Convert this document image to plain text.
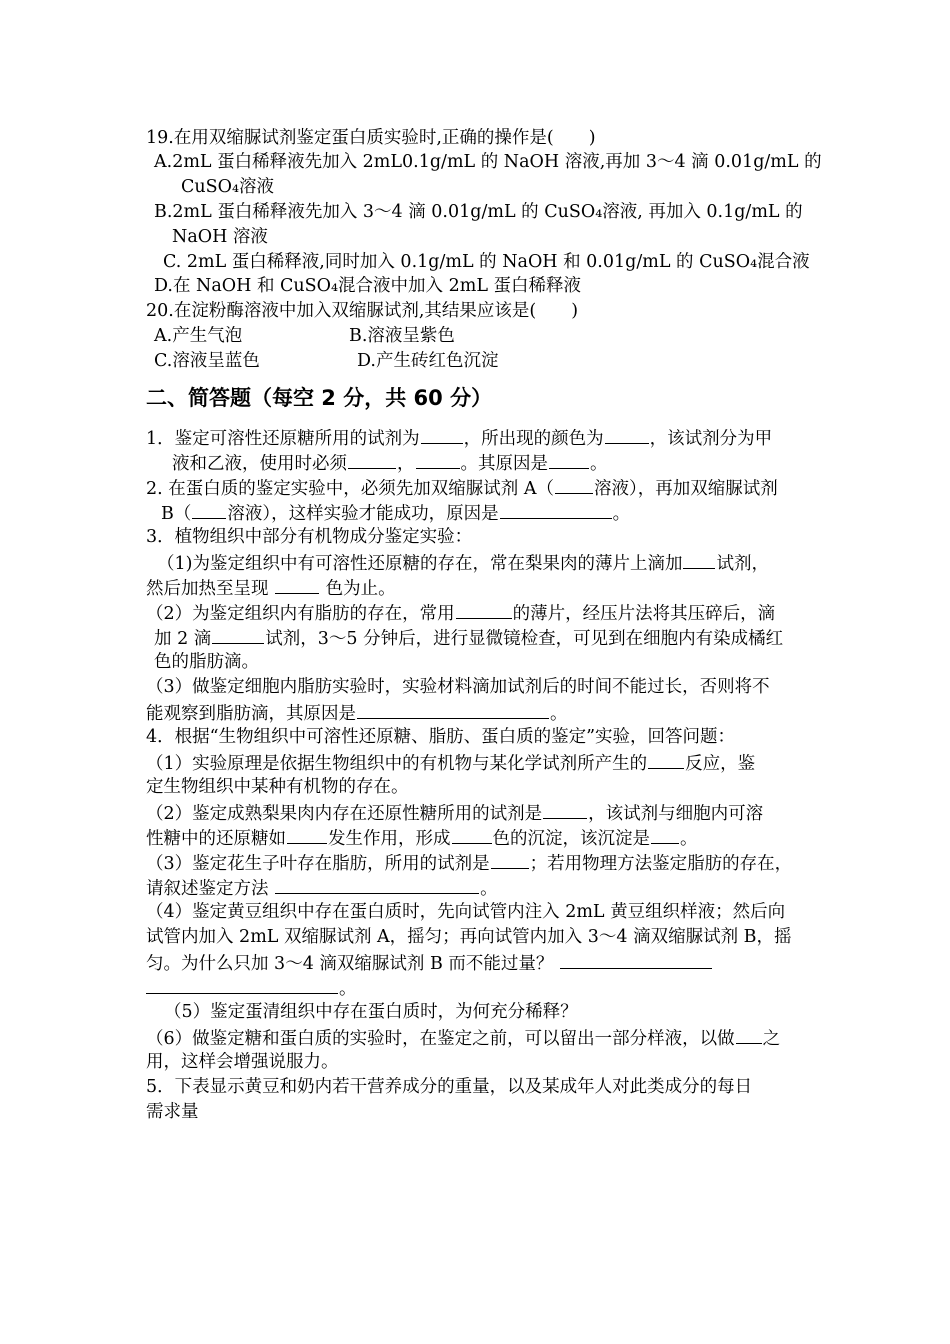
19.在用双缩脲试剂鉴定蛋白质实验时,正确的操作是(　　)
A.2mL 蛋白稀释液先加入 2mL0.1g/mL 的 NaOH 溶液,再加 3～4 滴 0.01g/mL 的
CuSO₄溶液
B.2mL 蛋白稀释液先加入 3～4 滴 0.01g/mL 的 CuSO₄溶液, 再加入 0.1g/mL 的
NaOH 溶液
C. 2mL 蛋白稀释液,同时加入 0.1g/mL 的 NaOH 和 0.01g/mL 的 CuSO₄混合液
D.在 NaOH 和 CuSO₄混合液中加入 2mL 蛋白稀释液
20.在淀粉酶溶液中加入双缩脲试剂,其结果应该是(　　)
A.产生气泡	B.溶液呈紫色
C.溶液呈蓝色	D.产生砖红色沉淀
二、简答题（每空 2 分，共 60 分）
1．鉴定可溶性还原糖所用的试剂为	，所出现的颜色为	，该试剂分为甲
液和乙液，使用时必须	，	。其原因是 。
2. 在蛋白质的鉴定实验中，必须先加双缩脲试剂 A（ 溶液），再加双缩脲试剂
B（ 溶液），这样实验才能成功，原因是	。
3．植物组织中部分有机物成分鉴定实验：
（1)为鉴定组织中有可溶性还原糖的存在，常在梨果肉的薄片上滴加 试剂，
然后加热至呈现	色为止。
（2）为鉴定组织内有脂肪的存在，常用	的薄片，经压片法将其压碎后，滴
加 2 滴	试剂，3～5 分钟后，进行显微镜检查，可见到在细胞内有染成橘红
色的脂肪滴。
（3）做鉴定细胞内脂肪实验时，实验材料滴加试剂后的时间不能过长，否则将不
能观察到脂肪滴，其原因是	。
4．根据“生物组织中可溶性还原糖、脂肪、蛋白质的鉴定”实验，回答问题：
（1）实验原理是依据生物组织中的有机物与某化学试剂所产生的 反应，鉴
定生物组织中某种有机物的存在。
（2）鉴定成熟梨果肉内存在还原性糖所用的试剂是	，该试剂与细胞内可溶
性糖中的还原糖如 发生作用，形成 色的沉淀，该沉淀是 。
（3）鉴定花生子叶存在脂肪，所用的试剂是 ；若用物理方法鉴定脂肪的存在，
请叙述鉴定方法	。
（4）鉴定黄豆组织中存在蛋白质时，先向试管内注入 2mL 黄豆组织样液；然后向
试管内加入 2mL 双缩脲试剂 A，摇匀；再向试管内加入 3～4 滴双缩脲试剂 B，摇
匀。为什么只加 3～4 滴双缩脲试剂 B 而不能过量？
。
（5）鉴定蛋清组织中存在蛋白质时，为何充分稀释？
（6）做鉴定糖和蛋白质的实验时，在鉴定之前，可以留出一部分样液，以做 之
用，这样会增强说服力。
5．下表显示黄豆和奶内若干营养成分的重量，以及某成年人对此类成分的每日
需求量
